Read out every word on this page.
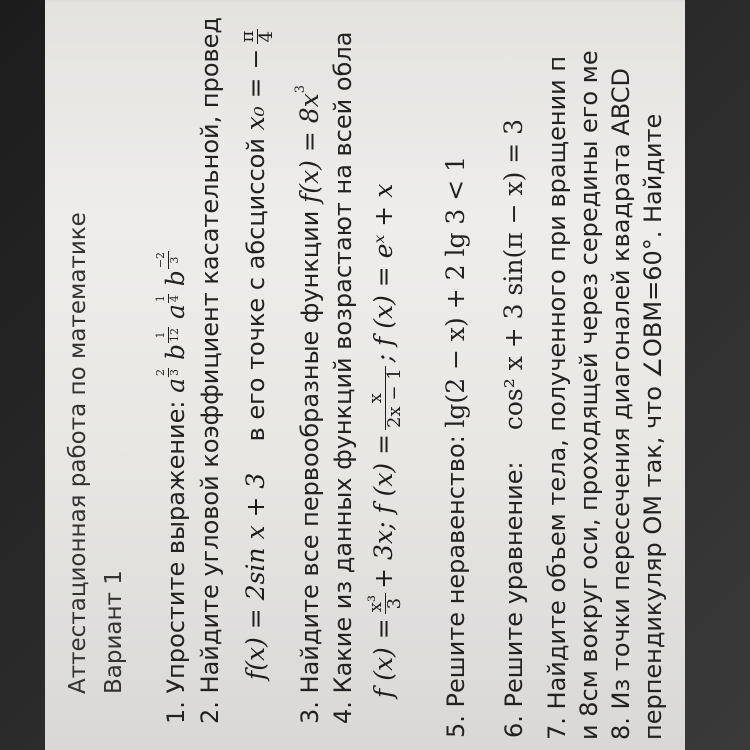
Аттестационная работа по математике Вариант 1 1. Упростите выражение: a
2 3
b
1 12
a
1 4
b
−2
3 2. Найдите угловой коэффициент касательной, провед f(x) = 2sin x + 3  в его точке с абсциссой x₀ = −
π
4
3. Найдите все первообразные функции f(x) = 8x3 4. Какие из данных функций возрастают на всей обла f (x) =
x³
3
+ 3x; f (x) =
x
2x − 1
; f (x) = eˣ + x
5. Решите неравенство: lg(2 − x) + 2 lg 3 < 1
6. Решите уравнение:  cos² x + 3 sin(π − x) = 3 7. Найдите объем тела, полученного при вращении п и 8см вокруг оси, проходящей через середины его ме 8. Из точки пересечения диагоналей квадрата ABCD перпендикуляр OM так, что ∠OBM=60°. Найдите
